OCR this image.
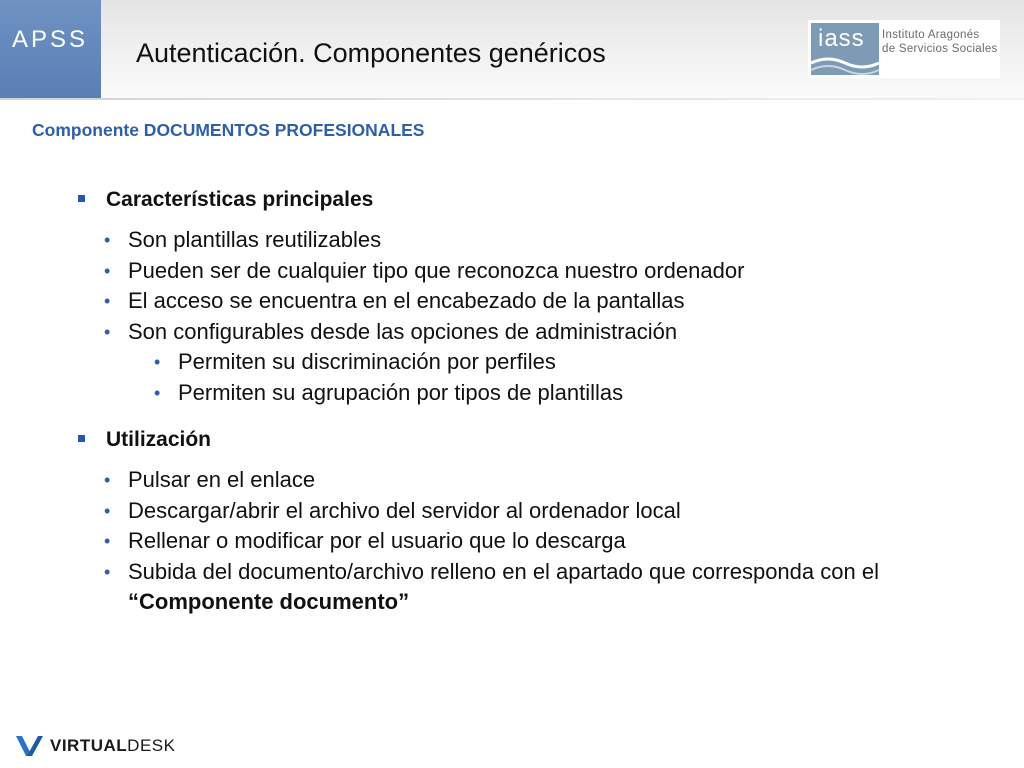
APSS Autenticación. Componentes genéricos	iass Instituto Aragonés
de Servicios Sociales
Componente DOCUMENTOS PROFESIONALES
Características principales
• Son plantillas reutilizables
• Pueden ser de cualquier tipo que reconozca nuestro ordenador
• El acceso se encuentra en el encabezado de la pantallas
• Son configurables desde las opciones de administración
• Permiten su discriminación por perfiles
• Permiten su agrupación por tipos de plantillas
Utilización
• Pulsar en el enlace
• Descargar/abrir el archivo del servidor al ordenador local
• Rellenar o modificar por el usuario que lo descarga
• Subida del documento/archivo relleno en el apartado que corresponda con el “Componente documento”
VIRTUALDESK
